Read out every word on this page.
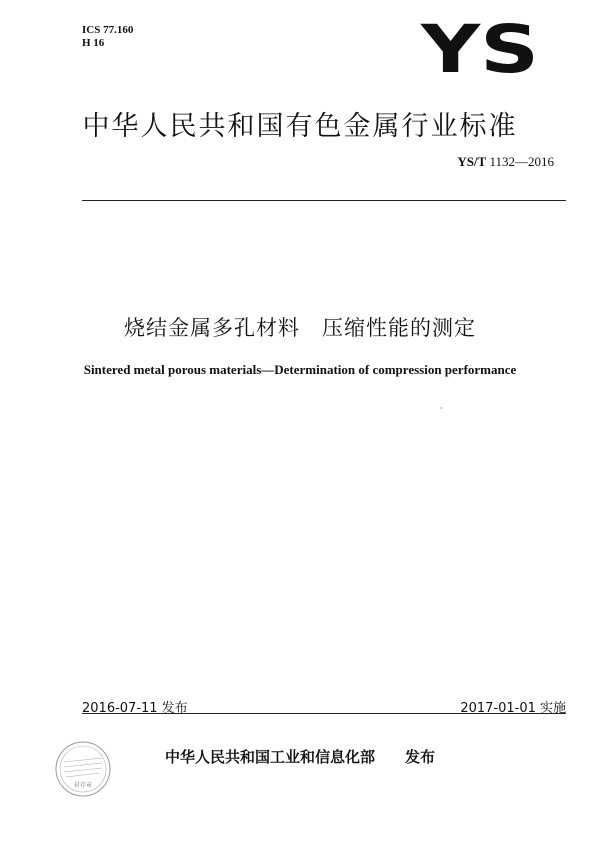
ICS 77.160
H 16	YS
中华人民共和国有色金属行业标准
YS/T 1132—2016
烧结金属多孔材料　压缩性能的测定
Sintered metal porous materials—Determination of compression performance
2016-07-11 发布	2017-01-01 实施
封存章
中华人民共和国工业和信息化部　　发布
